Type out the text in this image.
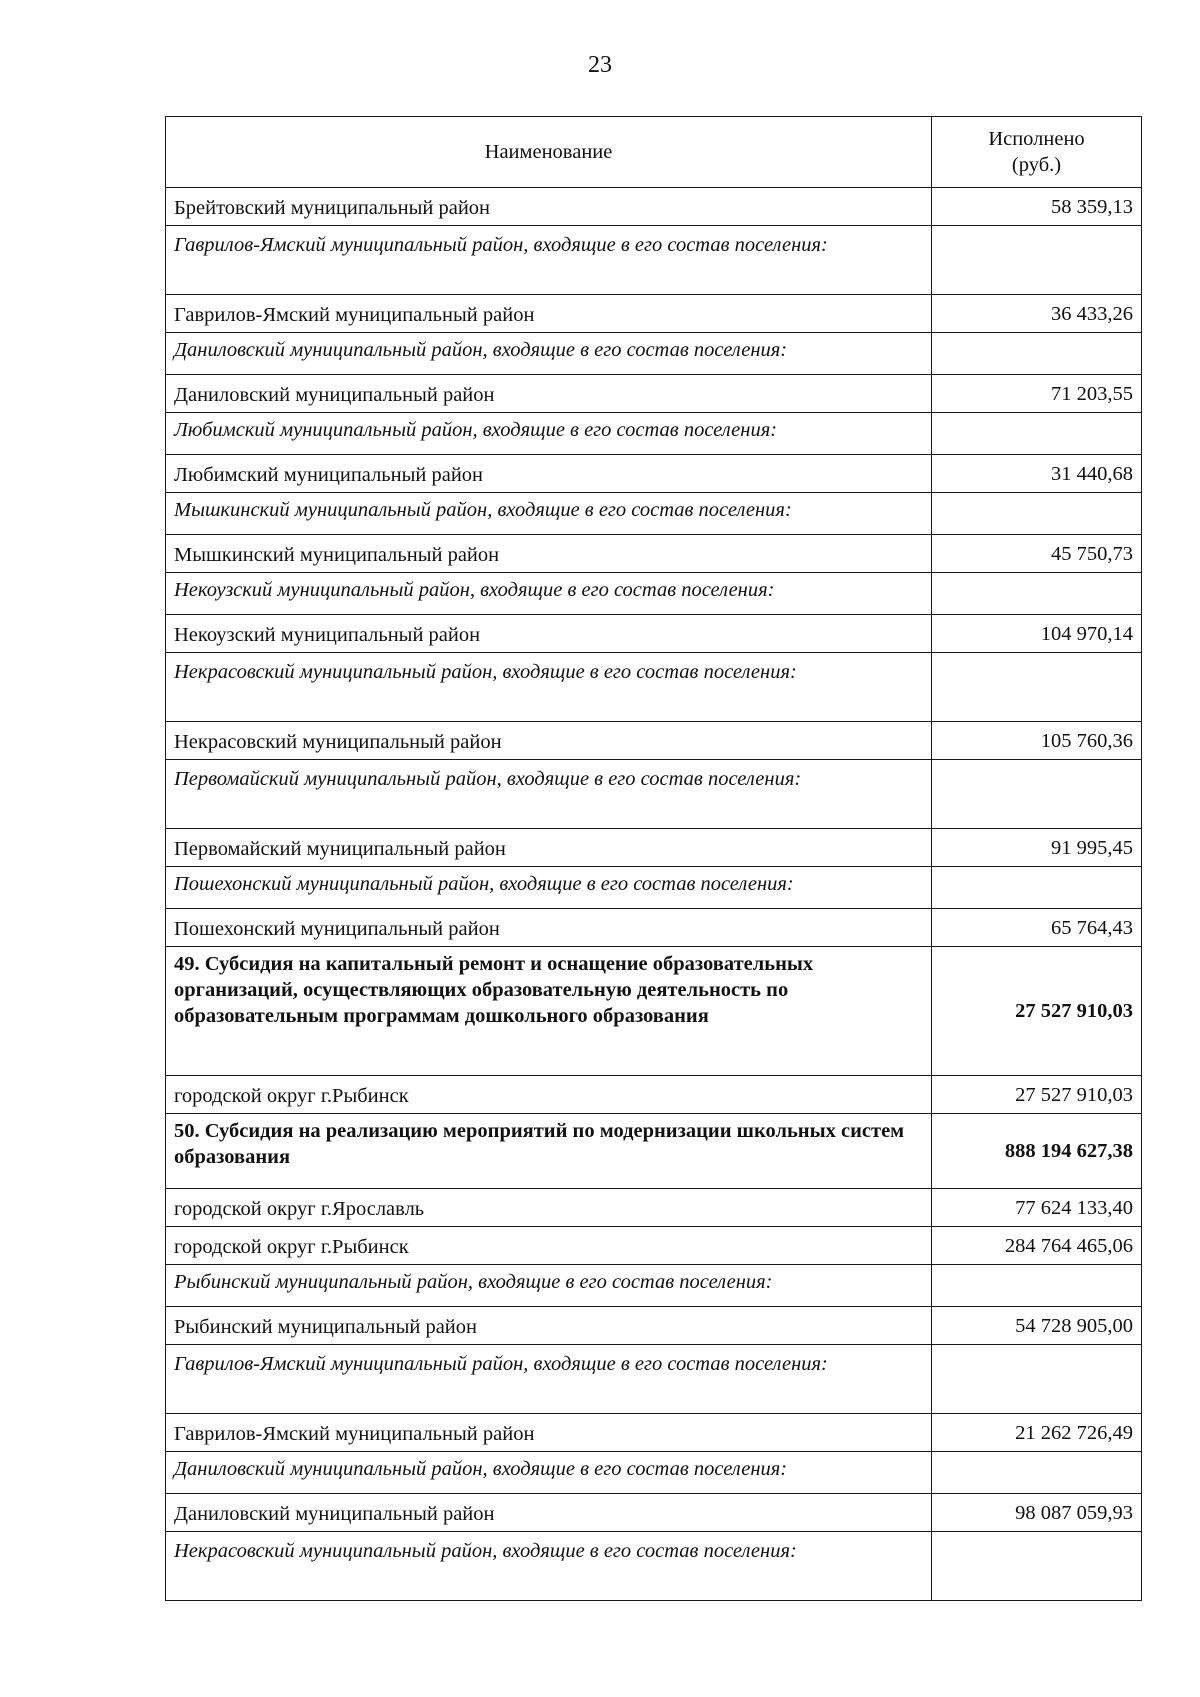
23
Наименование	Исполнено
(руб.)
Брейтовский муниципальный район	58 359,13
Гаврилов-Ямский муниципальный район, входящие в его состав поселения:	
Гаврилов-Ямский муниципальный район	36 433,26
Даниловский муниципальный район, входящие в его состав поселения:	
Даниловский муниципальный район	71 203,55
Любимский муниципальный район, входящие в его состав поселения:	
Любимский муниципальный район	31 440,68
Мышкинский муниципальный район, входящие в его состав поселения:	
Мышкинский муниципальный район	45 750,73
Некоузский муниципальный район, входящие в его состав поселения:	
Некоузский муниципальный район	104 970,14
Некрасовский муниципальный район, входящие в его состав поселения:	
Некрасовский муниципальный район	105 760,36
Первомайский муниципальный район, входящие в его состав поселения:	
Первомайский муниципальный район	91 995,45
Пошехонский муниципальный район, входящие в его состав поселения:	
Пошехонский муниципальный район	65 764,43
49. Субсидия на капитальный ремонт и оснащение образовательных организаций, осуществляющих образовательную деятельность по образовательным программам дошкольного образования	27 527 910,03
городской округ г.Рыбинск	27 527 910,03
50. Субсидия на реализацию мероприятий по модернизации школьных систем образования	888 194 627,38
городской округ г.Ярославль	77 624 133,40
городской округ г.Рыбинск	284 764 465,06
Рыбинский муниципальный район, входящие в его состав поселения:	
Рыбинский муниципальный район	54 728 905,00
Гаврилов-Ямский муниципальный район, входящие в его состав поселения:	
Гаврилов-Ямский муниципальный район	21 262 726,49
Даниловский муниципальный район, входящие в его состав поселения:	
Даниловский муниципальный район	98 087 059,93
Некрасовский муниципальный район, входящие в его состав поселения:	
